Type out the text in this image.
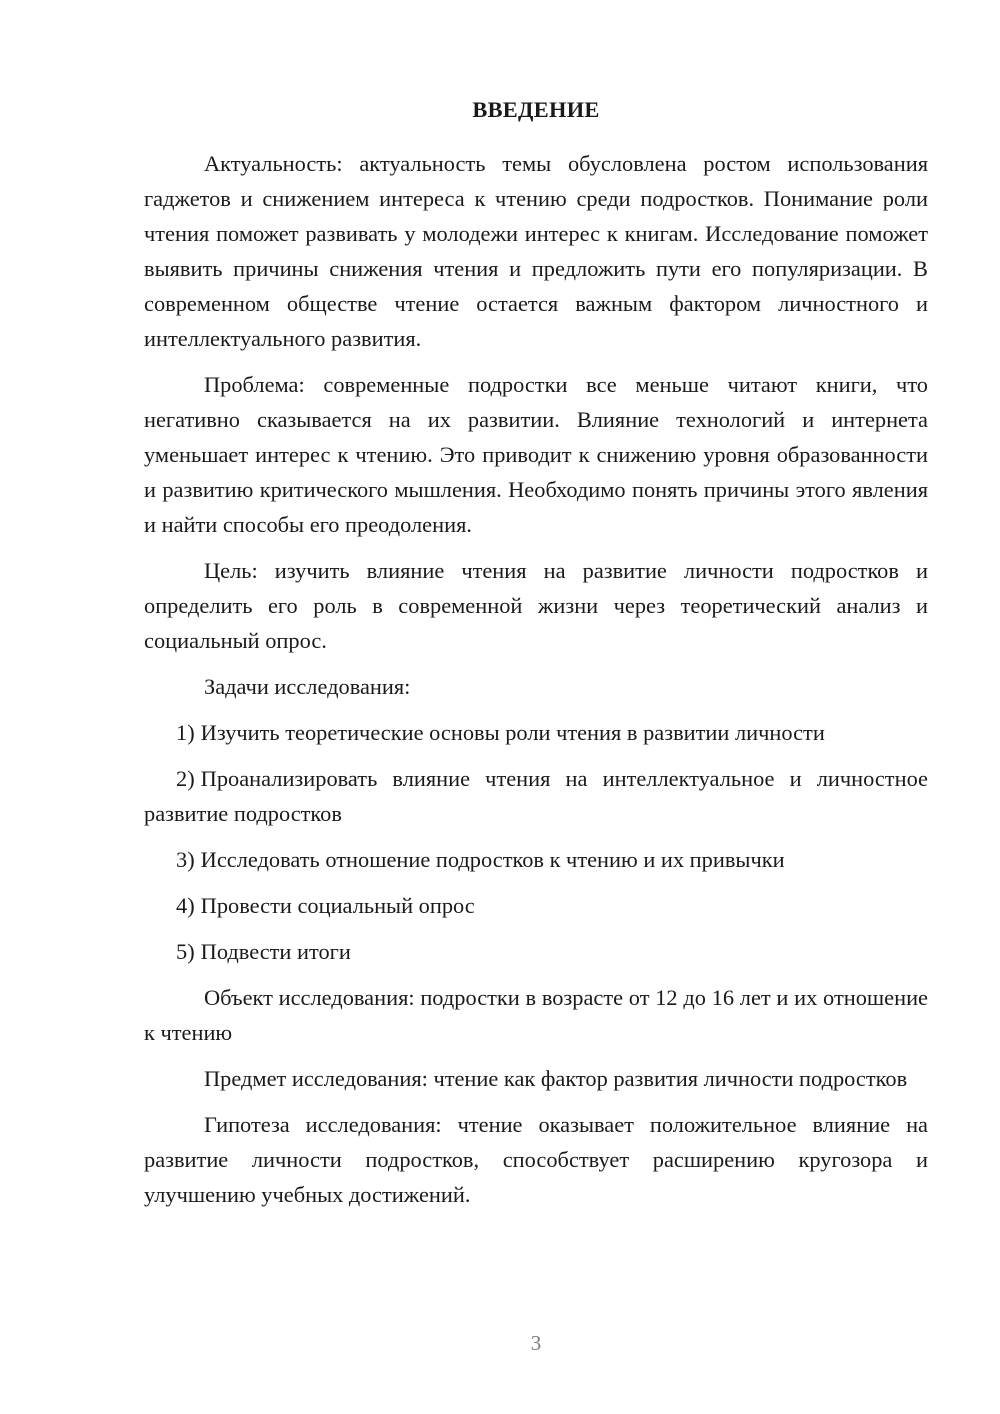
ВВЕДЕНИЕ

Актуальность: актуальность темы обусловлена ростом использования гаджетов и снижением интереса к чтению среди подростков. Понимание роли чтения поможет развивать у молодежи интерес к книгам. Исследование поможет выявить причины снижения чтения и предложить пути его популяризации. В современном обществе чтение остается важным фактором личностного и интеллектуального развития.

Проблема: современные подростки все меньше читают книги, что негативно сказывается на их развитии. Влияние технологий и интернета уменьшает интерес к чтению. Это приводит к снижению уровня образованности и развитию критического мышления. Необходимо понять причины этого явления и найти способы его преодоления.

Цель: изучить влияние чтения на развитие личности подростков и определить его роль в современной жизни через теоретический анализ и социальный опрос.

Задачи исследования:

1) Изучить теоретические основы роли чтения в развитии личности

2) Проанализировать влияние чтения на интеллектуальное и личностное развитие подростков

3) Исследовать отношение подростков к чтению и их привычки

4) Провести социальный опрос

5) Подвести итоги

Объект исследования: подростки в возрасте от 12 до 16 лет и их отношение к чтению

Предмет исследования: чтение как фактор развития личности подростков

Гипотеза исследования: чтение оказывает положительное влияние на развитие личности подростков, способствует расширению кругозора и улучшению учебных достижений.

3
